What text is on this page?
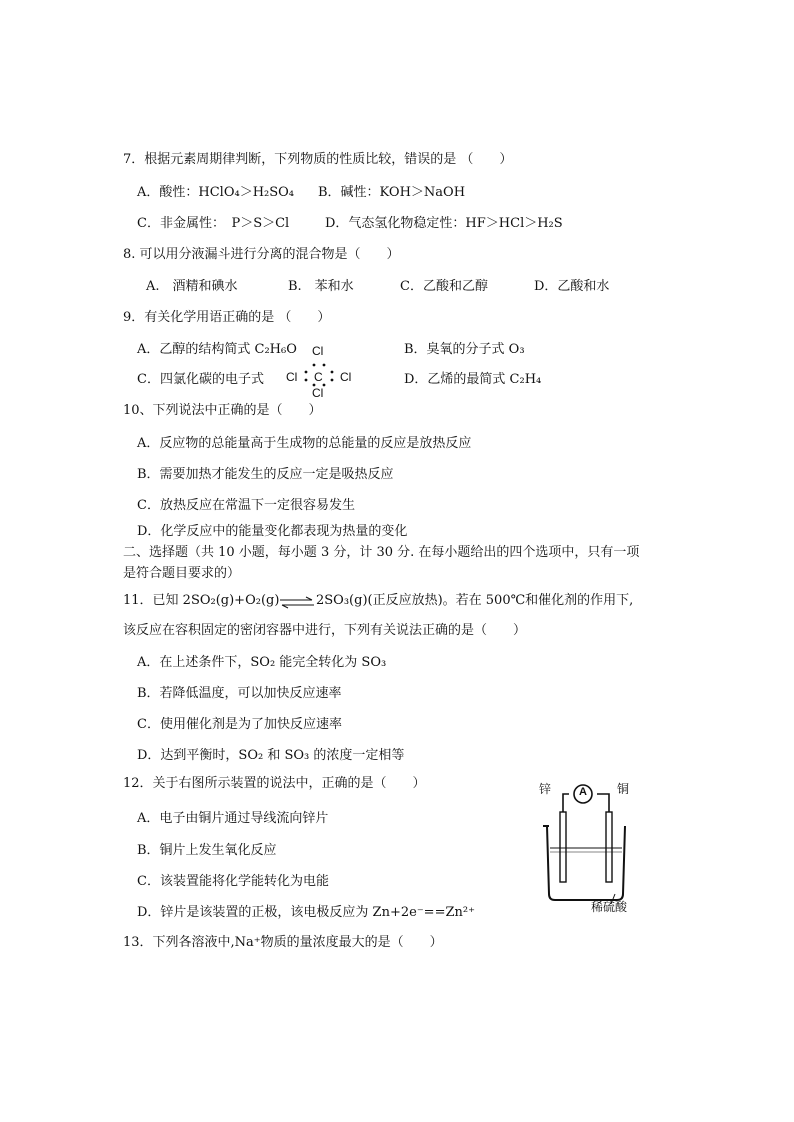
7．根据元素周期律判断，下列物质的性质比较，错误的是 （　　）
A．酸性：HClO₄＞H₂SO₄ B．碱性：KOH＞NaOH
C．非金属性：　P＞S＞Cl	D．气态氢化物稳定性：HF＞HCl＞H₂S
8. 可以用分液漏斗进行分离的混合物是（　　）
A.　酒精和碘水	B.　苯和水	C．乙酸和乙醇	D．乙酸和水
9．有关化学用语正确的是 （　　）
A．乙醇的结构简式 C₂H₆O	B．臭氧的分子式 O₃
C．四氯化碳的电子式	D．乙烯的最简式 C₂H₄
Cl
Cl C Cl
Cl
10、下列说法中正确的是（　　）
A．反应物的总能量高于生成物的总能量的反应是放热反应
B．需要加热才能发生的反应一定是吸热反应
C．放热反应在常温下一定很容易发生
D．化学反应中的能量变化都表现为热量的变化
二、选择题（共 10 小题，每小题 3 分，计 30 分. 在每小题给出的四个选项中，只有一项
是符合题目要求的）
11．已知 2SO₂(g)+O₂(g) ⇌ 2SO₃(g)(正反应放热)。若在 500℃和催化剂的作用下,
该反应在容积固定的密闭容器中进行，下列有关说法正确的是（　　）
A．在上述条件下，SO₂ 能完全转化为 SO₃
B．若降低温度，可以加快反应速率
C．使用催化剂是为了加快反应速率
D．达到平衡时，SO₂ 和 SO₃ 的浓度一定相等
12．关于右图所示装置的说法中，正确的是（　　）
A．电子由铜片通过导线流向锌片
B．铜片上发生氧化反应
C．该装置能将化学能转化为电能
D．锌片是该装置的正极，该电极反应为 Zn+2e⁻==Zn²⁺
A
锌	铜
稀硫酸
13．下列各溶液中,Na⁺物质的量浓度最大的是（　　）
